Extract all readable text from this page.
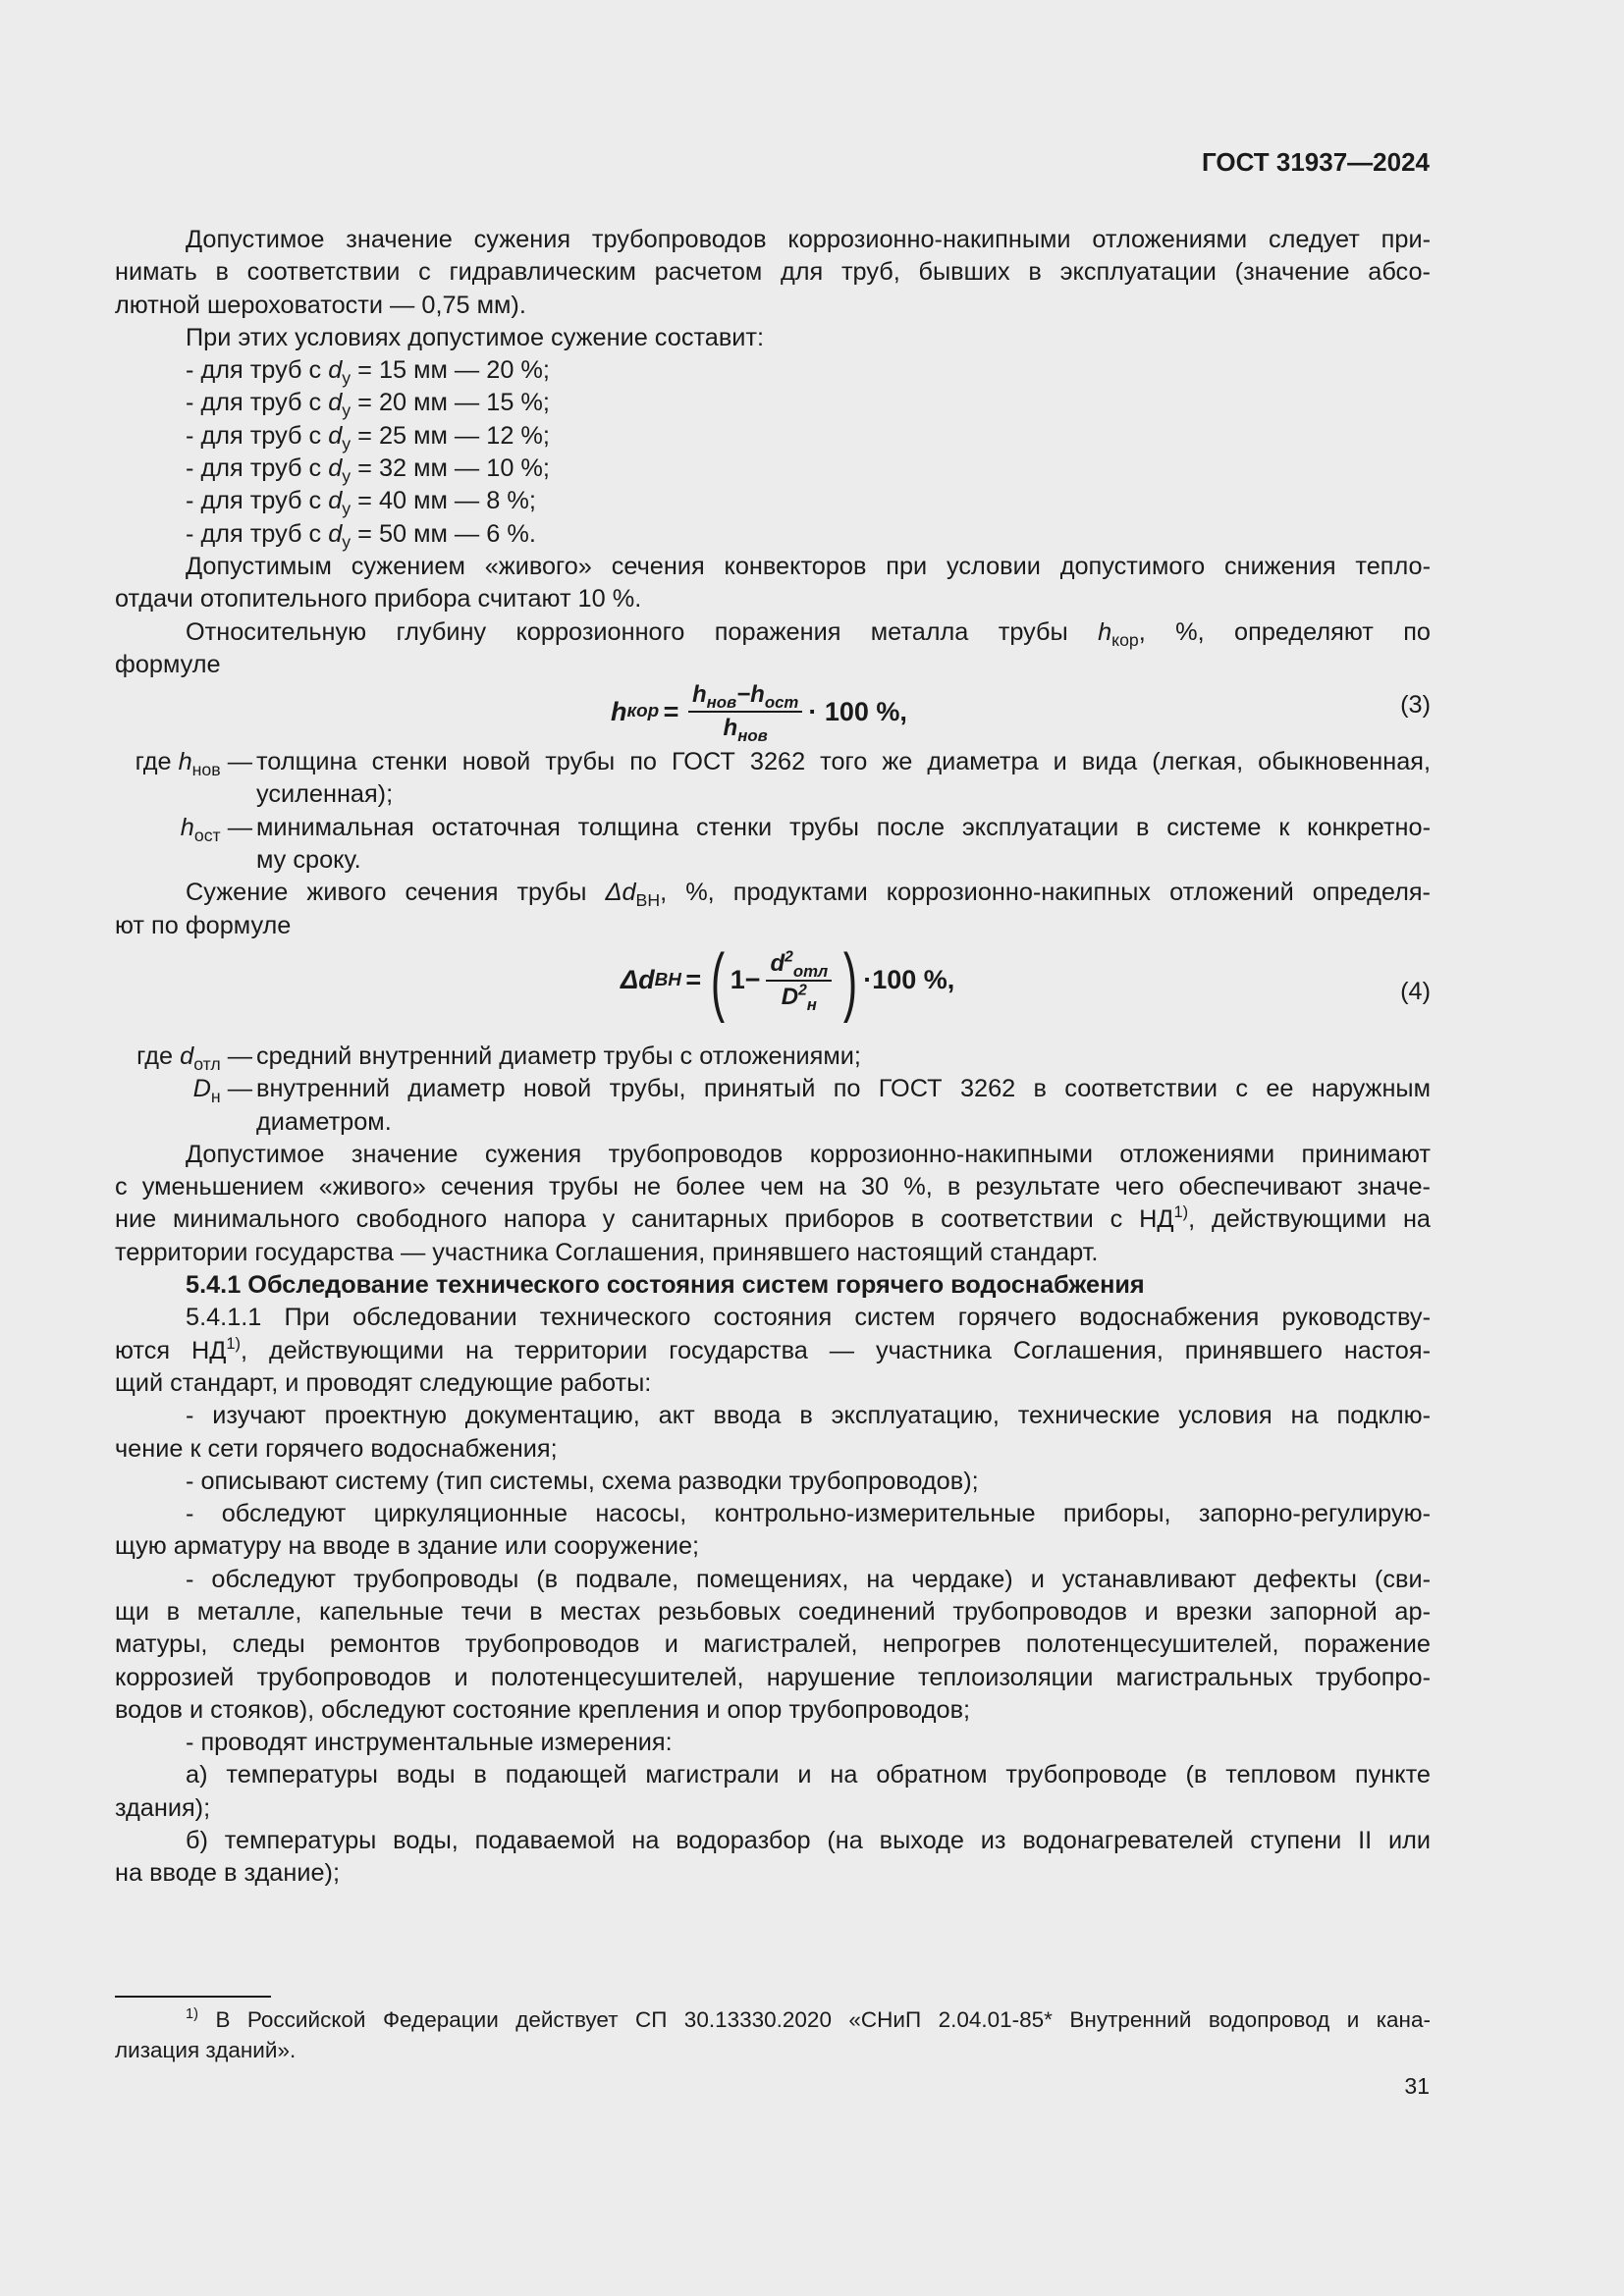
ГОСТ 31937—2024

Допустимое значение сужения трубопроводов коррозионно-накипными отложениями следует при-

нимать в соответствии с гидравлическим расчетом для труб, бывших в эксплуатации (значение абсо-

лютной шероховатости — 0,75 мм).

При этих условиях допустимое сужение составит:

- для труб с $d_у = 15$ мм — 20 %;

- для труб с $d_у = 20$ мм — 15 %;

- для труб с $d_у = 25$ мм — 12 %;

- для труб с $d_у = 32$ мм — 10 %;

- для труб с $d_у = 40$ мм — 8 %;

- для труб с $d_у = 50$ мм — 6 %.

Допустимым сужением «живого» сечения конвекторов при условии допустимого снижения тепло-

отдачи отопительного прибора считают 10 %.

Относительную глубину коррозионного поражения металла трубы $h_{кор}$, %, определяют по

формуле

h кор = $\frac{h_{нов}-h_{ост}}{h_{нов}} \cdot 100$ %,	(3)
где $h_{нов}$ — толщина стенки новой трубы по ГОСТ 3262 того же диаметра и вида (легкая, обыкновенная,

усиленная);

$h_{ост}$ — минимальная остаточная толщина стенки трубы после эксплуатации в системе к конкретно-

му сроку.

Сужение живого сечения трубы $\Delta d_{ВН}$, %, продуктами коррозионно-накипных отложений определя-

ют по формуле

Δd ВН = ( $1- \frac{d^2_{отл}}{D^2_н}$ ) ·100 %,	(4)
где $d_{отл}$ — средний внутренний диаметр трубы с отложениями;

$D_н$ — внутренний диаметр новой трубы, принятый по ГОСТ 3262 в соответствии с ее наружным

диаметром.

Допустимое значение сужения трубопроводов коррозионно-накипными отложениями принимают

с уменьшением «живого» сечения трубы не более чем на 30 %, в результате чего обеспечивают значе-

ние минимального свободного напора у санитарных приборов в соответствии с НД$^{1)}$, действующими на

территории государства — участника Соглашения, принявшего настоящий стандарт.

5.4.1 Обследование технического состояния систем горячего водоснабжения

5.4.1.1 При обследовании технического состояния систем горячего водоснабжения руководству-

ются НД$^{1)}$, действующими на территории государства — участника Соглашения, принявшего настоя-

щий стандарт, и проводят следующие работы:

- изучают проектную документацию, акт ввода в эксплуатацию, технические условия на подклю-

чение к сети горячего водоснабжения;

- описывают систему (тип системы, схема разводки трубопроводов);

- обследуют циркуляционные насосы, контрольно-измерительные приборы, запорно-регулирую-

щую арматуру на вводе в здание или сооружение;

- обследуют трубопроводы (в подвале, помещениях, на чердаке) и устанавливают дефекты (сви-

щи в металле, капельные течи в местах резьбовых соединений трубопроводов и врезки запорной ар-

матуры, следы ремонтов трубопроводов и магистралей, непрогрев полотенцесушителей, поражение

коррозией трубопроводов и полотенцесушителей, нарушение теплоизоляции магистральных трубопро-

водов и стояков), обследуют состояние крепления и опор трубопроводов;

- проводят инструментальные измерения:

а) температуры воды в подающей магистрали и на обратном трубопроводе (в тепловом пункте

здания);

б) температуры воды, подаваемой на водоразбор (на выходе из водонагревателей ступени II или

на вводе в здание);

$^{1)}$ В Российской Федерации действует СП 30.13330.2020 «СНиП 2.04.01-85* Внутренний водопровод и кана-

лизация зданий».

31
